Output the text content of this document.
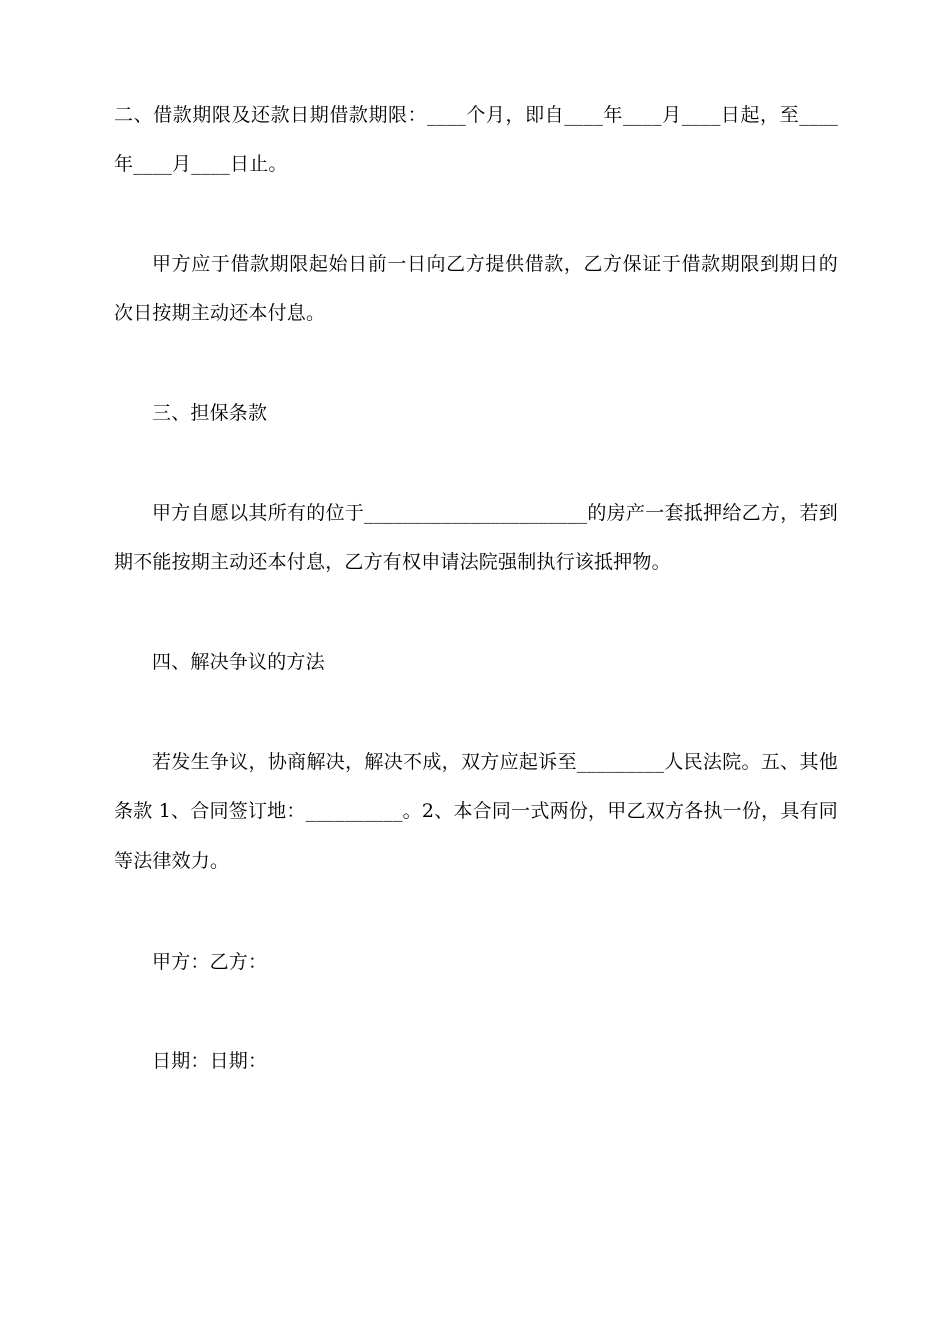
二、借款期限及还款日期借款期限：____个月，即自____年____月____日起，至____
年____月____日止。
甲方应于借款期限起始日前一日向乙方提供借款，乙方保证于借款期限到期日的
次日按期主动还本付息。
三、担保条款
甲方自愿以其所有的位于_______________________的房产一套抵押给乙方，若到
期不能按期主动还本付息，乙方有权申请法院强制执行该抵押物。
四、解决争议的方法
若发生争议，协商解决，解决不成，双方应起诉至_________人民法院。五、其他
条款 1、合同签订地：__________。2、本合同一式两份，甲乙双方各执一份，具有同
等法律效力。
甲方：乙方：
日期：日期：
